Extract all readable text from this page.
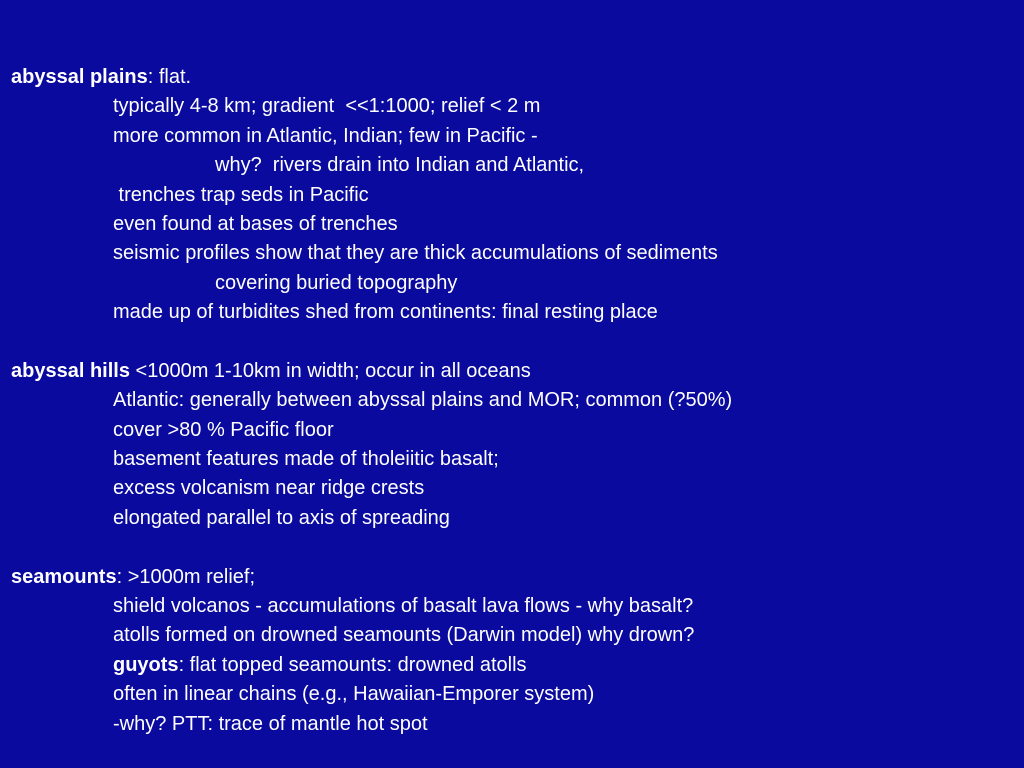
abyssal plains: flat.
typically 4-8 km; gradient  <<1:1000; relief < 2 m
more common in Atlantic, Indian; few in Pacific -
why?  rivers drain into Indian and Atlantic,
trenches trap seds in Pacific
even found at bases of trenches
seismic profiles show that they are thick accumulations of sediments
covering buried topography
made up of turbidites shed from continents: final resting place
abyssal hills <1000m 1-10km in width; occur in all oceans
Atlantic: generally between abyssal plains and MOR; common (?50%)
cover >80 % Pacific floor
basement features made of tholeiitic basalt;
excess volcanism near ridge crests
elongated parallel to axis of spreading
seamounts: >1000m relief;
shield volcanos - accumulations of basalt lava flows - why basalt?
atolls formed on drowned seamounts (Darwin model) why drown?
guyots: flat topped seamounts: drowned atolls
often in linear chains (e.g., Hawaiian-Emporer system)
-why? PTT: trace of mantle hot spot
